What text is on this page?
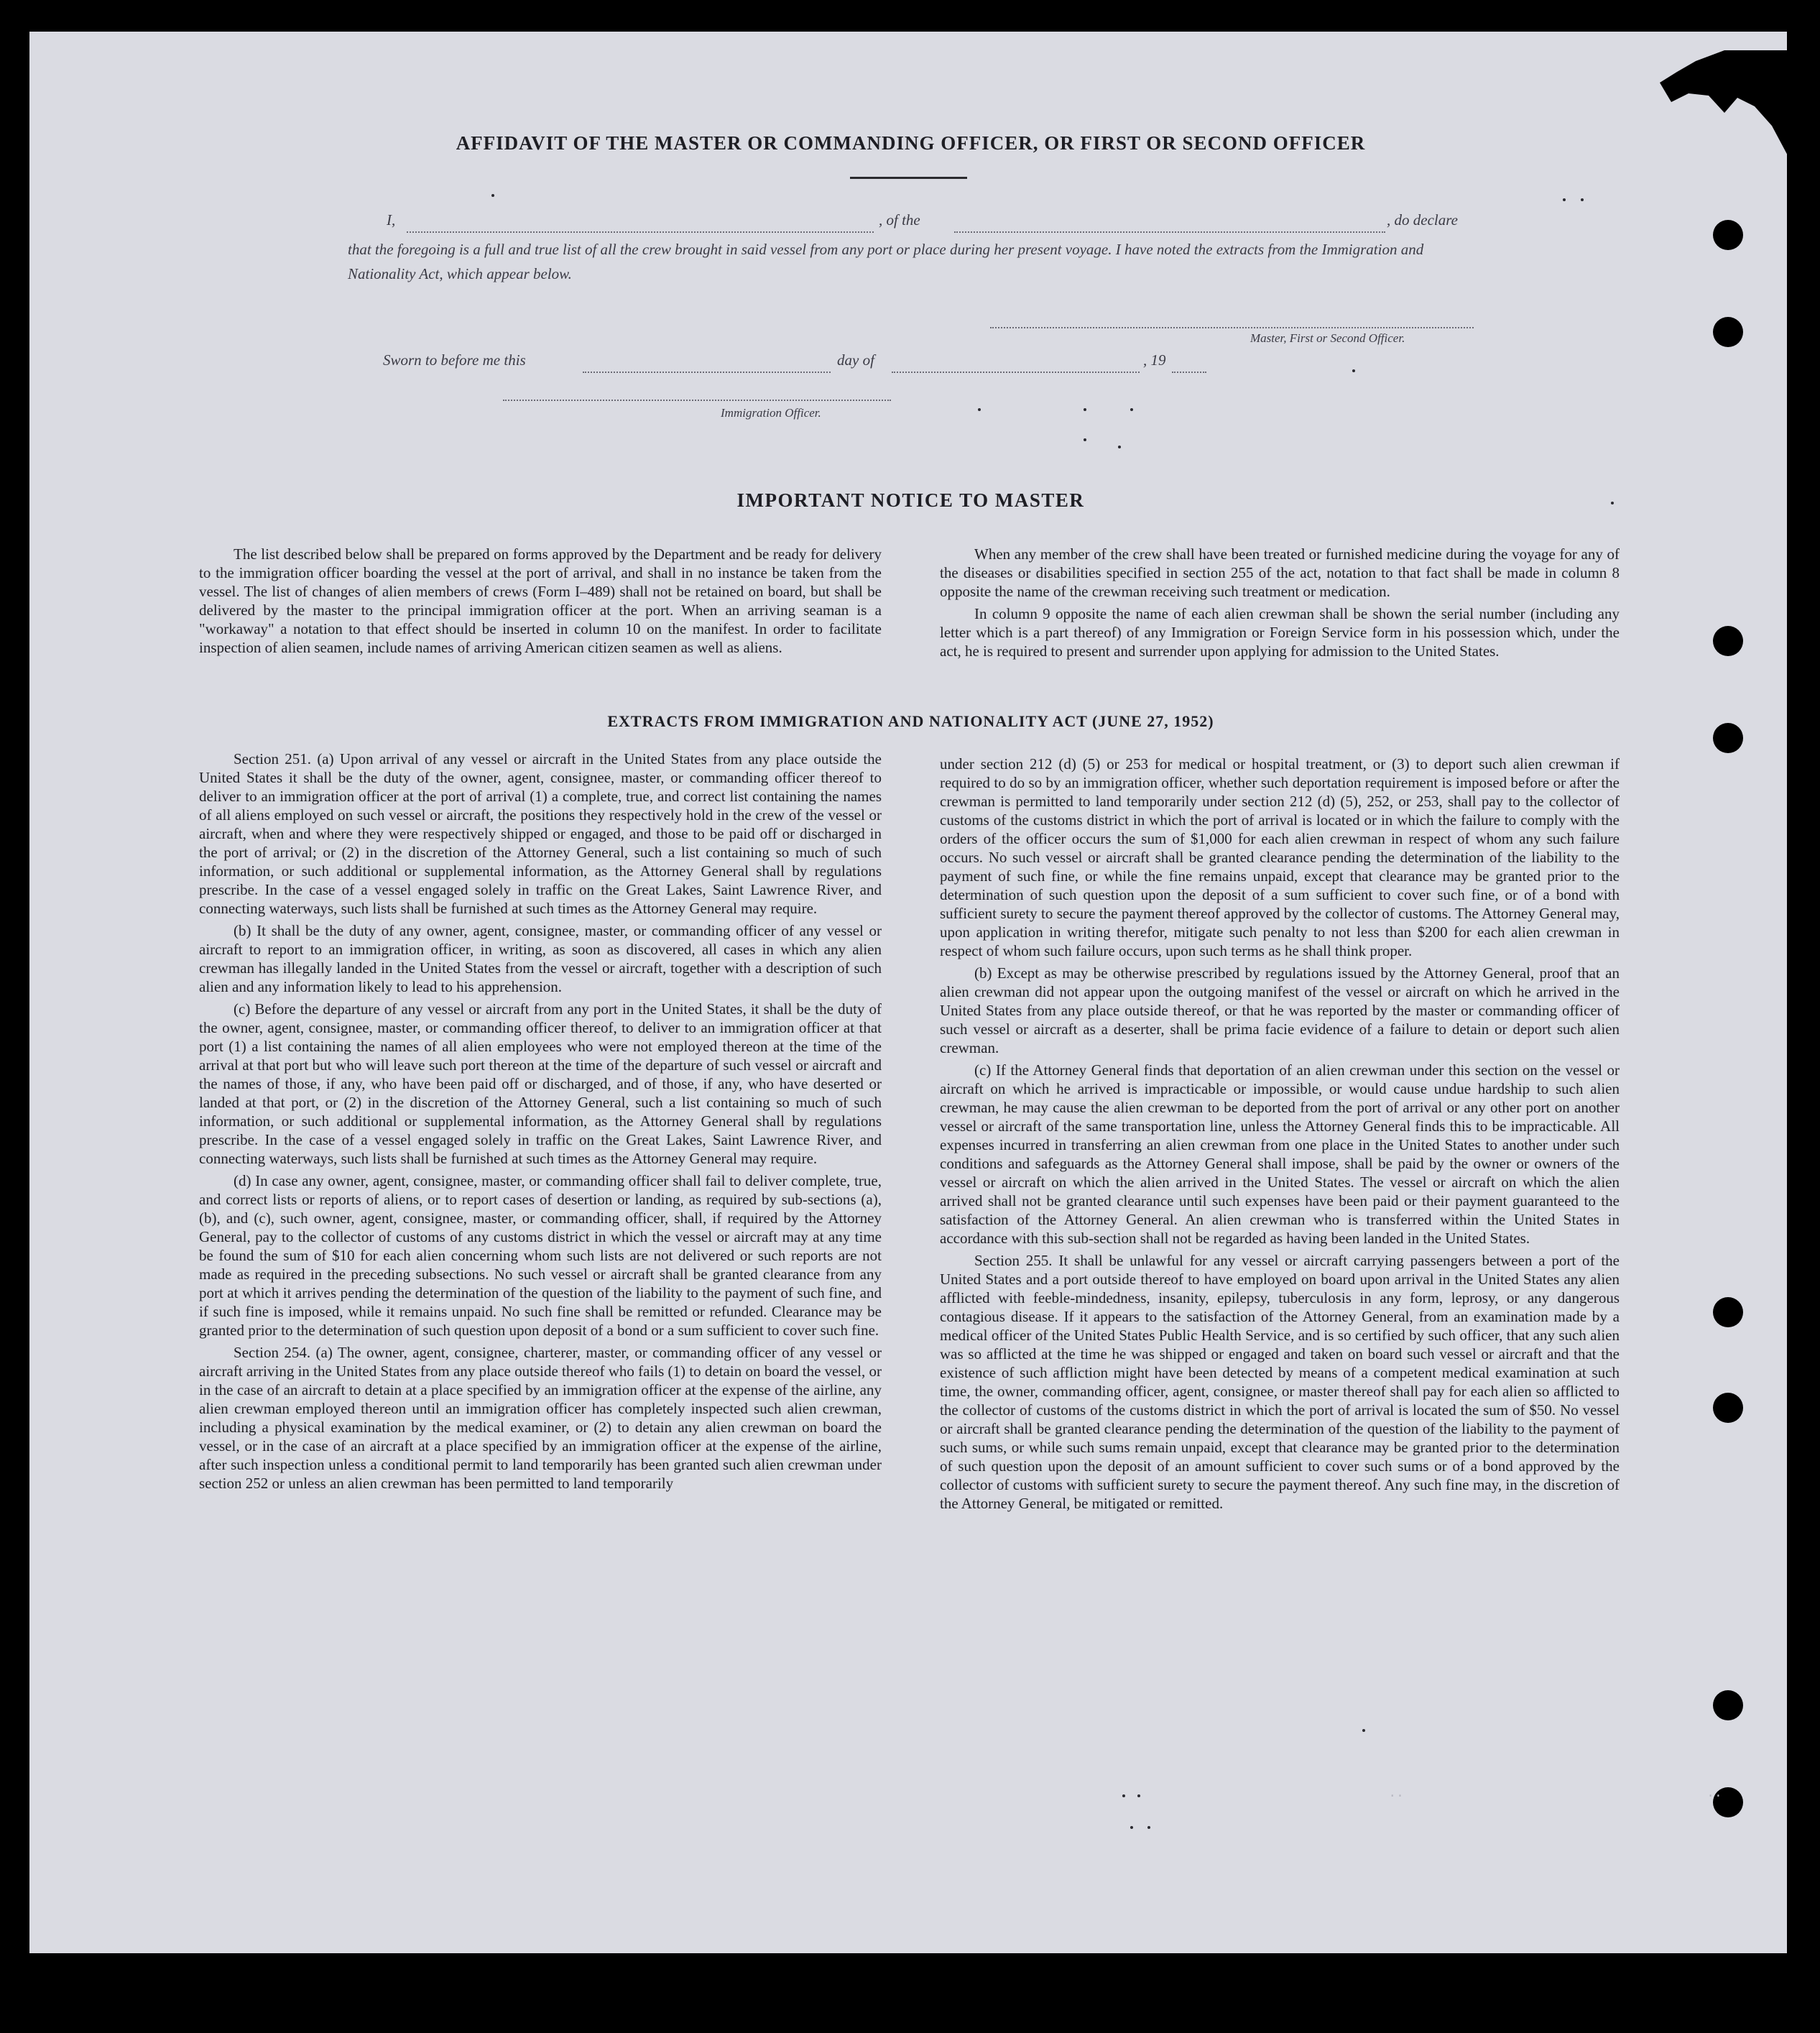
AFFIDAVIT OF THE MASTER OR COMMANDING OFFICER, OR FIRST OR SECOND OFFICER
I,	, of the	, do declare
that the foregoing is a full and true list of all the crew brought in said vessel from any port or place during her present voyage. I have noted the extracts from the Immigration and Nationality Act, which appear below.
Master, First or Second Officer.
Sworn to before me this	day of	, 19
Immigration Officer.
IMPORTANT NOTICE TO MASTER

The list described below shall be prepared on forms approved by the Department and be ready for delivery to the immigration officer boarding the vessel at the port of arrival, and shall in no instance be taken from the vessel. The list of changes of alien members of crews (Form I–489) shall not be retained on board, but shall be delivered by the master to the principal immigration officer at the port. When an arriving seaman is a "workaway" a notation to that effect should be inserted in column 10 on the manifest. In order to facilitate inspection of alien seamen, include names of arriving American citizen seamen as well as aliens.

When any member of the crew shall have been treated or furnished medicine during the voyage for any of the diseases or disabilities specified in section 255 of the act, notation to that fact shall be made in column 8 opposite the name of the crewman receiving such treatment or medication.

In column 9 opposite the name of each alien crewman shall be shown the serial number (including any letter which is a part thereof) of any Immigration or Foreign Service form in his possession which, under the act, he is required to present and surrender upon applying for admission to the United States.

EXTRACTS FROM IMMIGRATION AND NATIONALITY ACT (JUNE 27, 1952)

Section 251. (a) Upon arrival of any vessel or aircraft in the United States from any place outside the United States it shall be the duty of the owner, agent, consignee, master, or commanding officer thereof to deliver to an immigration officer at the port of arrival (1) a complete, true, and correct list containing the names of all aliens employed on such vessel or aircraft, the positions they respectively hold in the crew of the vessel or aircraft, when and where they were respectively shipped or engaged, and those to be paid off or discharged in the port of arrival; or (2) in the discretion of the Attorney General, such a list containing so much of such information, or such additional or supplemental information, as the Attorney General shall by regulations prescribe. In the case of a vessel engaged solely in traffic on the Great Lakes, Saint Lawrence River, and connecting waterways, such lists shall be furnished at such times as the Attorney General may require.

(b) It shall be the duty of any owner, agent, consignee, master, or commanding officer of any vessel or aircraft to report to an immigration officer, in writing, as soon as discovered, all cases in which any alien crewman has illegally landed in the United States from the vessel or aircraft, together with a description of such alien and any information likely to lead to his apprehension.

(c) Before the departure of any vessel or aircraft from any port in the United States, it shall be the duty of the owner, agent, consignee, master, or commanding officer thereof, to deliver to an immigration officer at that port (1) a list containing the names of all alien employees who were not employed thereon at the time of the arrival at that port but who will leave such port thereon at the time of the departure of such vessel or aircraft and the names of those, if any, who have been paid off or discharged, and of those, if any, who have deserted or landed at that port, or (2) in the discretion of the Attorney General, such a list containing so much of such information, or such additional or supplemental information, as the Attorney General shall by regulations prescribe. In the case of a vessel engaged solely in traffic on the Great Lakes, Saint Lawrence River, and connecting waterways, such lists shall be furnished at such times as the Attorney General may require.

(d) In case any owner, agent, consignee, master, or commanding officer shall fail to deliver complete, true, and correct lists or reports of aliens, or to report cases of desertion or landing, as required by sub-sections (a), (b), and (c), such owner, agent, consignee, master, or commanding officer, shall, if required by the Attorney General, pay to the collector of customs of any customs district in which the vessel or aircraft may at any time be found the sum of $10 for each alien concerning whom such lists are not delivered or such reports are not made as required in the preceding subsections. No such vessel or aircraft shall be granted clearance from any port at which it arrives pending the determination of the question of the liability to the payment of such fine, and if such fine is imposed, while it remains unpaid. No such fine shall be remitted or refunded. Clearance may be granted prior to the determination of such question upon deposit of a bond or a sum sufficient to cover such fine.

Section 254. (a) The owner, agent, consignee, charterer, master, or commanding officer of any vessel or aircraft arriving in the United States from any place outside thereof who fails (1) to detain on board the vessel, or in the case of an aircraft to detain at a place specified by an immigration officer at the expense of the airline, any alien crewman employed thereon until an immigration officer has completely inspected such alien crewman, including a physical examination by the medical examiner, or (2) to detain any alien crewman on board the vessel, or in the case of an aircraft at a place specified by an immigration officer at the expense of the airline, after such inspection unless a conditional permit to land temporarily has been granted such alien crewman under section 252 or unless an alien crewman has been permitted to land temporarily

under section 212 (d) (5) or 253 for medical or hospital treatment, or (3) to deport such alien crewman if required to do so by an immigration officer, whether such deportation requirement is imposed before or after the crewman is permitted to land temporarily under section 212 (d) (5), 252, or 253, shall pay to the collector of customs of the customs district in which the port of arrival is located or in which the failure to comply with the orders of the officer occurs the sum of $1,000 for each alien crewman in respect of whom any such failure occurs. No such vessel or aircraft shall be granted clearance pending the determination of the liability to the payment of such fine, or while the fine remains unpaid, except that clearance may be granted prior to the determination of such question upon the deposit of a sum sufficient to cover such fine, or of a bond with sufficient surety to secure the payment thereof approved by the collector of customs. The Attorney General may, upon application in writing therefor, mitigate such penalty to not less than $200 for each alien crewman in respect of whom such failure occurs, upon such terms as he shall think proper.

(b) Except as may be otherwise prescribed by regulations issued by the Attorney General, proof that an alien crewman did not appear upon the outgoing manifest of the vessel or aircraft on which he arrived in the United States from any place outside thereof, or that he was reported by the master or commanding officer of such vessel or aircraft as a deserter, shall be prima facie evidence of a failure to detain or deport such alien crewman.

(c) If the Attorney General finds that deportation of an alien crewman under this section on the vessel or aircraft on which he arrived is impracticable or impossible, or would cause undue hardship to such alien crewman, he may cause the alien crewman to be deported from the port of arrival or any other port on another vessel or aircraft of the same transportation line, unless the Attorney General finds this to be impracticable. All expenses incurred in transferring an alien crewman from one place in the United States to another under such conditions and safeguards as the Attorney General shall impose, shall be paid by the owner or owners of the vessel or aircraft on which the alien arrived in the United States. The vessel or aircraft on which the alien arrived shall not be granted clearance until such expenses have been paid or their payment guaranteed to the satisfaction of the Attorney General. An alien crewman who is transferred within the United States in accordance with this sub-section shall not be regarded as having been landed in the United States.

Section 255. It shall be unlawful for any vessel or aircraft carrying passengers between a port of the United States and a port outside thereof to have employed on board upon arrival in the United States any alien afflicted with feeble-mindedness, insanity, epilepsy, tuberculosis in any form, leprosy, or any dangerous contagious disease. If it appears to the satisfaction of the Attorney General, from an examination made by a medical officer of the United States Public Health Service, and is so certified by such officer, that any such alien was so afflicted at the time he was shipped or engaged and taken on board such vessel or aircraft and that the existence of such affliction might have been detected by means of a competent medical examination at such time, the owner, commanding officer, agent, consignee, or master thereof shall pay for each alien so afflicted to the collector of customs of the customs district in which the port of arrival is located the sum of $50. No vessel or aircraft shall be granted clearance pending the determination of the question of the liability to the payment of such sums, or while such sums remain unpaid, except that clearance may be granted prior to the determination of such question upon the deposit of an amount sufficient to cover such sums or of a bond approved by the collector of customs with sufficient surety to secure the payment thereof. Any such fine may, in the discretion of the Attorney General, be mitigated or remitted.

..                                       ..
